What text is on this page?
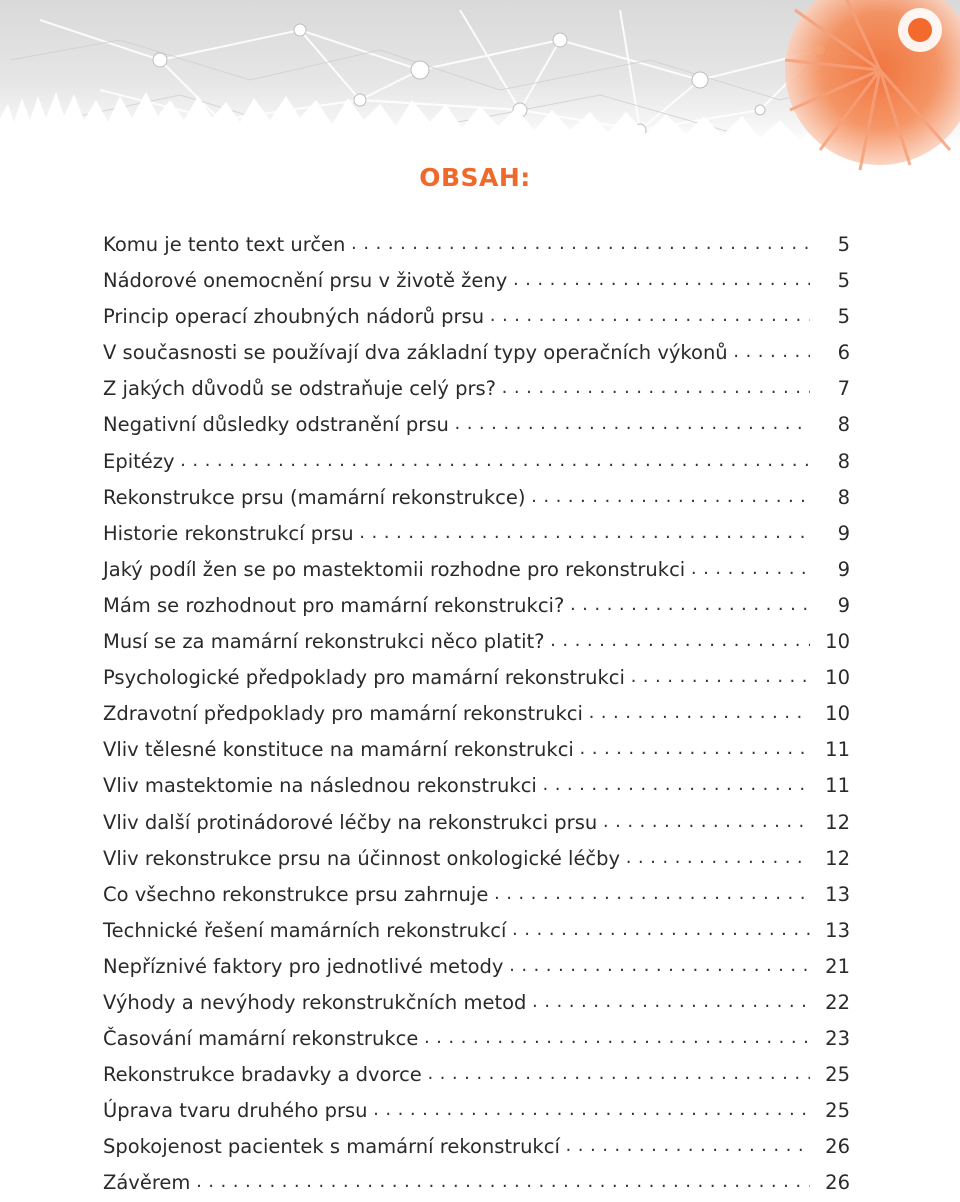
OBSAH:
Komu je tento text určen .....	5
Nádorové onemocnění prsu v životě ženy .....	5
Princip operací zhoubných nádorů prsu .....	5
V současnosti se používají dva základní typy operačních výkonů .....	6
Z jakých důvodů se odstraňuje celý prs? .....	7
Negativní důsledky odstranění prsu .....	8
Epitézy .....	8
Rekonstrukce prsu (mamární rekonstrukce) .....	8
Historie rekonstrukcí prsu .....	9
Jaký podíl žen se po mastektomii rozhodne pro rekonstrukci .....	9
Mám se rozhodnout pro mamární rekonstrukci? .....	9
Musí se za mamární rekonstrukci něco platit? .....	10
Psychologické předpoklady pro mamární rekonstrukci .....	10
Zdravotní předpoklady pro mamární rekonstrukci .....	10
Vliv tělesné konstituce na mamární rekonstrukci .....	11
Vliv mastektomie na následnou rekonstrukci .....	11
Vliv další protinádorové léčby na rekonstrukci prsu .....	12
Vliv rekonstrukce prsu na účinnost onkologické léčby .....	12
Co všechno rekonstrukce prsu zahrnuje .....	13
Technické řešení mamárních rekonstrukcí .....	13
Nepříznivé faktory pro jednotlivé metody .....	21
Výhody a nevýhody rekonstrukčních metod .....	22
Časování mamární rekonstrukce .....	23
Rekonstrukce bradavky a dvorce .....	25
Úprava tvaru druhého prsu .....	25
Spokojenost pacientek s mamární rekonstrukcí .....	26
Závěrem .....	26
